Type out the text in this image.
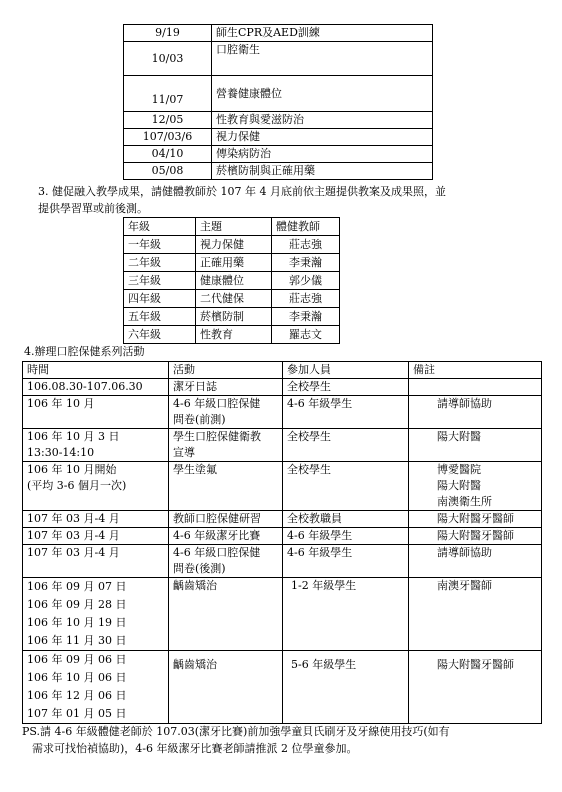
9/19	師生CPR及AED訓練
10/03	口腔衛生
11/07	營養健康體位
12/05	性教育與愛滋防治
107/03/6	視力保健
04/10	傳染病防治
05/08	菸檳防制與正確用藥
3. 健促融入教學成果，請健體教師於 107 年 4 月底前依主題提供教案及成果照，並
提供學習單或前後測。
年級	主題	體健教師
一年級	視力保健	莊志強
二年級	正確用藥	李秉瀚
三年級	健康體位	郭少儀
四年級	二代健保	莊志強
五年級	菸檳防制	李秉瀚
六年級	性教育	羅志文
4.辦理口腔保健系列活動
時間	活動	參加人員	備註
106.08.30-107.06.30	潔牙日誌	全校學生	
106 年 10 月	4-6 年級口腔保健
問卷(前測)	4-6 年級學生	請導師協助
106 年 10 月 3 日
13:30-14:10	學生口腔保健衛教
宣導	全校學生	陽大附醫
106 年 10 月開始
(平均 3-6 個月一次)	學生塗氟	全校學生	博愛醫院
陽大附醫
南澳衛生所
107 年 03 月-4 月	教師口腔保健研習	全校教職員	陽大附醫牙醫師
107 年 03 月-4 月	4-6 年級潔牙比賽	4-6 年級學生	陽大附醫牙醫師
107 年 03 月-4 月	4-6 年級口腔保健
問卷(後測)	4-6 年級學生	請導師協助
106 年 09 月 07 日
106 年 09 月 28 日
106 年 10 月 19 日
106 年 11 月 30 日	齲齒矯治	1-2 年級學生	南澳牙醫師
106 年 09 月 06 日
106 年 10 月 06 日
106 年 12 月 06 日
107 年 01 月 05 日	齲齒矯治	5-6 年級學生	陽大附醫牙醫師
PS.請 4-6 年級體健老師於 107.03(潔牙比賽)前加強學童貝氏刷牙及牙線使用技巧(如有
需求可找怡禎協助)，4-6 年級潔牙比賽老師請推派 2 位學童參加。
